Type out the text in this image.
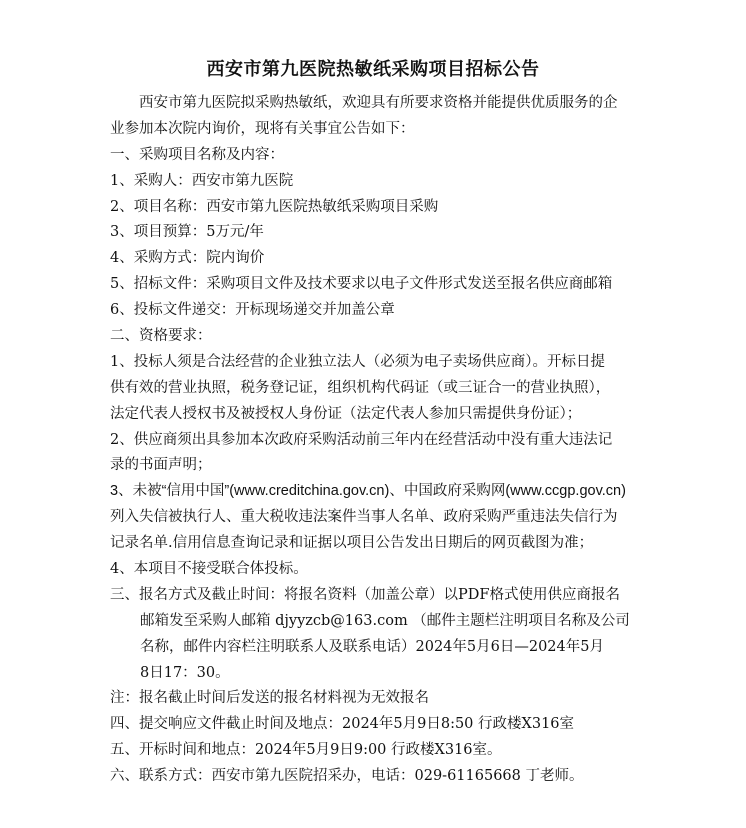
西安市第九医院热敏纸采购项目招标公告
西安市第九医院拟采购热敏纸，欢迎具有所要求资格并能提供优质服务的企
业参加本次院内询价，现将有关事宜公告如下：
一、采购项目名称及内容：
1、采购人：西安市第九医院
2、项目名称：西安市第九医院热敏纸采购项目采购
3、项目预算：5万元/年
4、采购方式：院内询价
5、招标文件：采购项目文件及技术要求以电子文件形式发送至报名供应商邮箱
6、投标文件递交：开标现场递交并加盖公章
二、资格要求：
1、投标人须是合法经营的企业独立法人（必须为电子卖场供应商）。开标日提
供有效的营业执照，税务登记证，组织机构代码证（或三证合一的营业执照），
法定代表人授权书及被授权人身份证（法定代表人参加只需提供身份证）；
2、供应商须出具参加本次政府采购活动前三年内在经营活动中没有重大违法记
录的书面声明；
3、未被“信用中国”(www.creditchina.gov.cn)、中国政府采购网(www.ccgp.gov.cn)
列入失信被执行人、重大税收违法案件当事人名单、政府采购严重违法失信行为
记录名单.信用信息查询记录和证据以项目公告发出日期后的网页截图为准；
4、本项目不接受联合体投标。
三、报名方式及截止时间：将报名资料（加盖公章）以PDF格式使用供应商报名
邮箱发至采购人邮箱 djyyzcb@163.com （邮件主题栏注明项目名称及公司
名称，邮件内容栏注明联系人及联系电话）2024年5月6日—2024年5月
8日17：30。
注：报名截止时间后发送的报名材料视为无效报名
四、提交响应文件截止时间及地点：2024年5月9日8:50 行政楼X316室
五、开标时间和地点：2024年5月9日9:00 行政楼X316室。
六、联系方式：西安市第九医院招采办，电话：029-61165668 丁老师。
